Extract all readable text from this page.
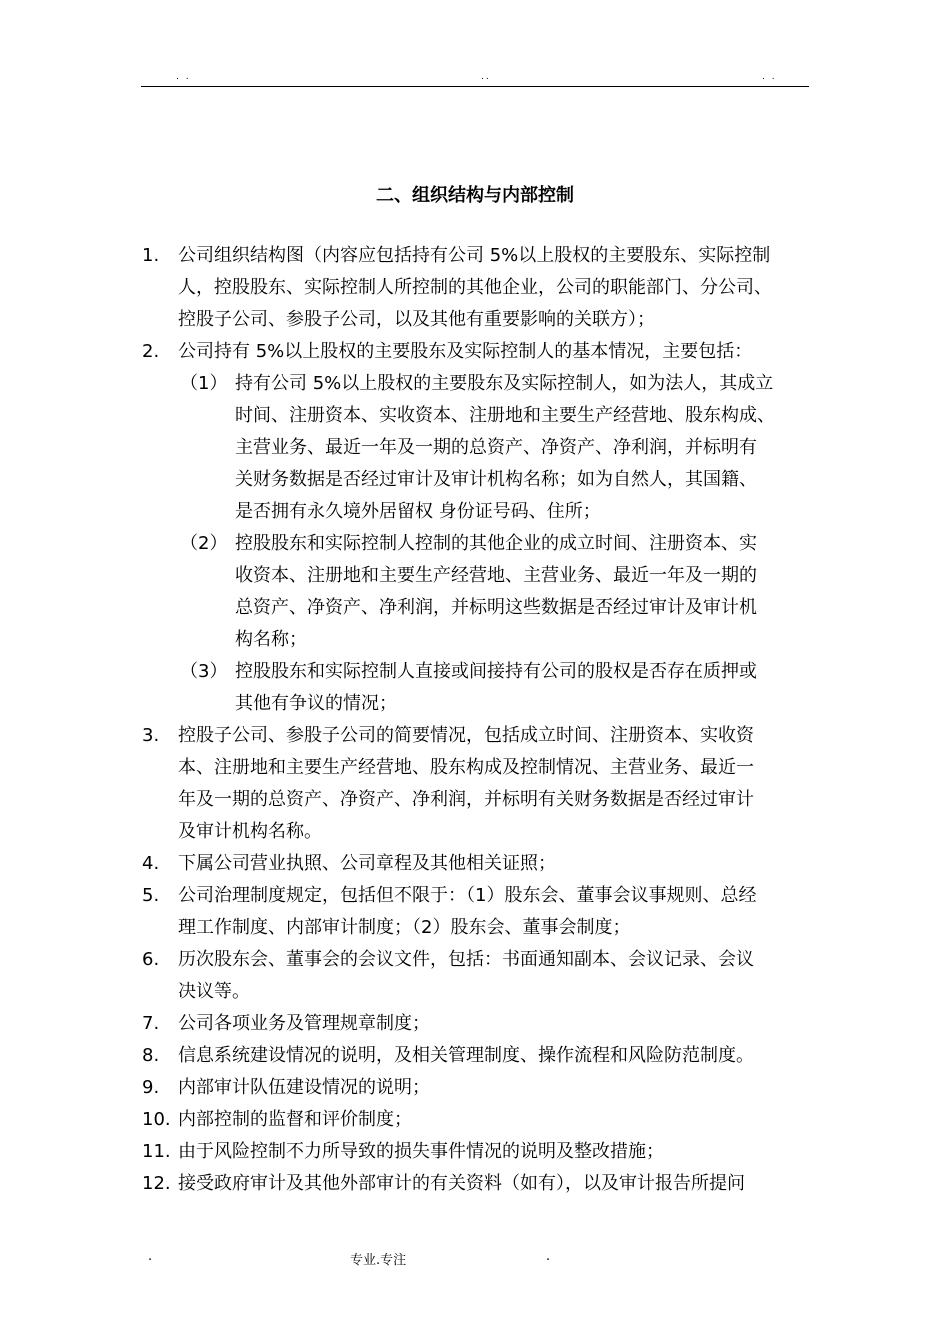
. .	..	. .
二、组织结构与内部控制
1. 公司组织结构图（内容应包括持有公司 5%以上股权的主要股东、实际控制
人，控股股东、实际控制人所控制的其他企业，公司的职能部门、分公司、
控股子公司、参股子公司，以及其他有重要影响的关联方）；
2. 公司持有 5%以上股权的主要股东及实际控制人的基本情况，主要包括：
（1） 持有公司 5%以上股权的主要股东及实际控制人，如为法人，其成立
时间、注册资本、实收资本、注册地和主要生产经营地、股东构成、
主营业务、最近一年及一期的总资产、净资产、净利润，并标明有
关财务数据是否经过审计及审计机构名称；如为自然人，其国籍、
是否拥有永久境外居留权 身份证号码、住所；
（2） 控股股东和实际控制人控制的其他企业的成立时间、注册资本、实
收资本、注册地和主要生产经营地、主营业务、最近一年及一期的
总资产、净资产、净利润，并标明这些数据是否经过审计及审计机
构名称；
（3） 控股股东和实际控制人直接或间接持有公司的股权是否存在质押或
其他有争议的情况；
3. 控股子公司、参股子公司的简要情况，包括成立时间、注册资本、实收资
本、注册地和主要生产经营地、股东构成及控制情况、主营业务、最近一
年及一期的总资产、净资产、净利润，并标明有关财务数据是否经过审计
及审计机构名称。
4. 下属公司营业执照、公司章程及其他相关证照；
5. 公司治理制度规定，包括但不限于：（1）股东会、董事会议事规则、总经
理工作制度、内部审计制度；（2）股东会、董事会制度；
6. 历次股东会、董事会的会议文件，包括：书面通知副本、会议记录、会议
决议等。
7. 公司各项业务及管理规章制度；
8. 信息系统建设情况的说明，及相关管理制度、操作流程和风险防范制度。
9. 内部审计队伍建设情况的说明；
10. 内部控制的监督和评价制度；
11. 由于风险控制不力所导致的损失事件情况的说明及整改措施；
12. 接受政府审计及其他外部审计的有关资料（如有），以及审计报告所提问
.	专业.专注	.
